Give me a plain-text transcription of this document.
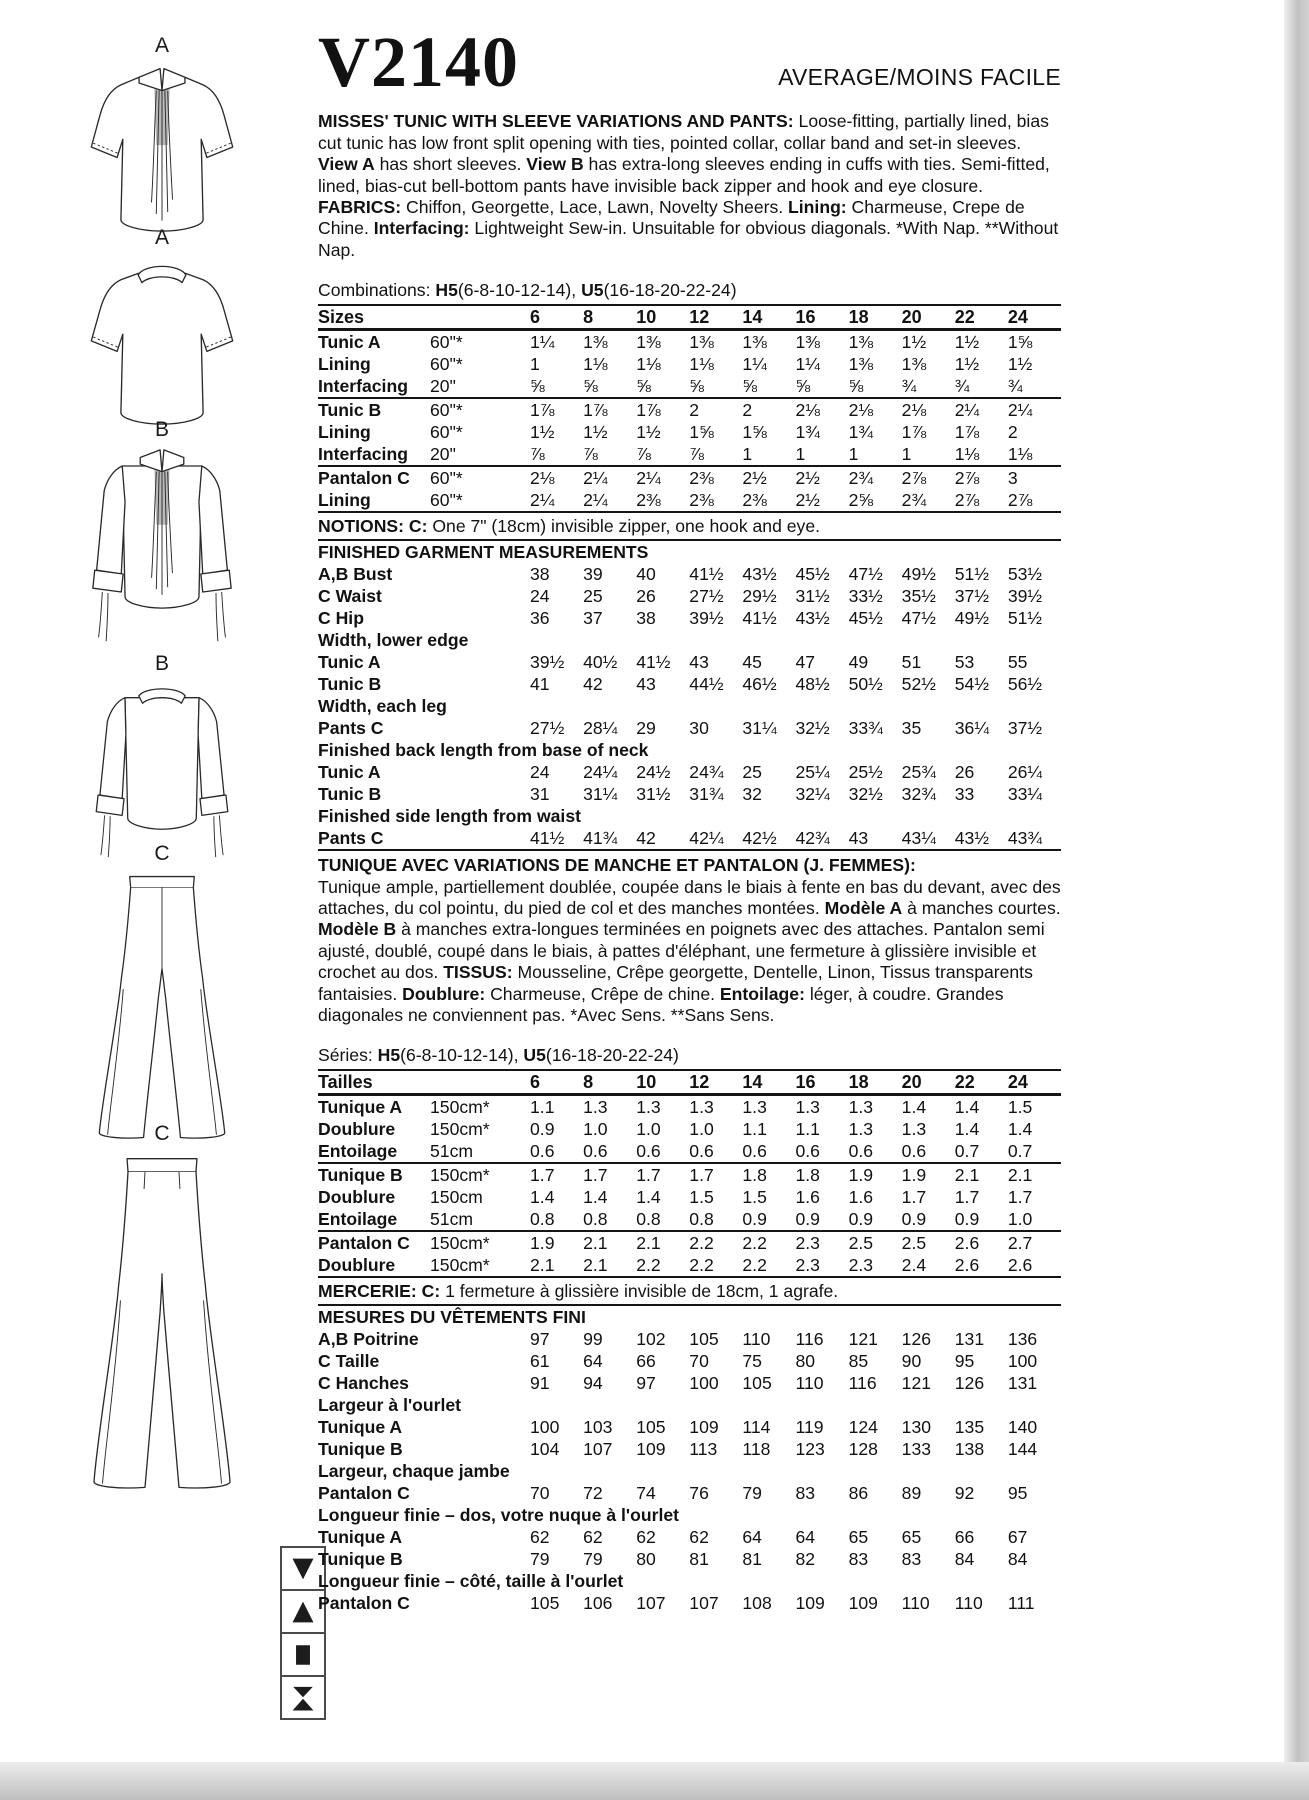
A
A
B
B
C
C
V2140	AVERAGE/MOINS FACILE

MISSES' TUNIC WITH SLEEVE VARIATIONS AND PANTS: Loose-fitting, partially lined, bias cut tunic has low front split opening with ties, pointed collar, collar band and set-in sleeves. View A has short sleeves. View B has extra-long sleeves ending in cuffs with ties. Semi-fitted, lined, bias-cut bell-bottom pants have invisible back zipper and hook and eye closure. FABRICS: Chiffon, Georgette, Lace, Lawn, Novelty Sheers. Lining: Charmeuse, Crepe de Chine. Interfacing: Lightweight Sew-in. Unsuitable for obvious diagonals. *With Nap. **Without Nap.

Combinations: H5(6-8-10-12-14), U5(16-18-20-22-24)
Sizes		6	8	10	12	14	16	18	20	22	24
Tunic A	60"*	1¼	1⅜	1⅜	1⅜	1⅜	1⅜	1⅜	1½	1½	1⅝
Lining	60"*	1	1⅛	1⅛	1⅛	1¼	1¼	1⅜	1⅜	1½	1½
Interfacing	20"	⅝	⅝	⅝	⅝	⅝	⅝	⅝	¾	¾	¾
Tunic B	60"*	1⅞	1⅞	1⅞	2	2	2⅛	2⅛	2⅛	2¼	2¼
Lining	60"*	1½	1½	1½	1⅝	1⅝	1¾	1¾	1⅞	1⅞	2
Interfacing	20"	⅞	⅞	⅞	⅞	1	1	1	1	1⅛	1⅛
Pantalon C	60"*	2⅛	2¼	2¼	2⅜	2½	2½	2¾	2⅞	2⅞	3
Lining	60"*	2¼	2¼	2⅜	2⅜	2⅜	2½	2⅝	2¾	2⅞	2⅞
NOTIONS: C: One 7" (18cm) invisible zipper, one hook and eye.
FINISHED GARMENT MEASUREMENTS										
A,B Bust	38	39	40	41½	43½	45½	47½	49½	51½	53½
C Waist	24	25	26	27½	29½	31½	33½	35½	37½	39½
C Hip	36	37	38	39½	41½	43½	45½	47½	49½	51½
Width, lower edge										
Tunic A	39½	40½	41½	43	45	47	49	51	53	55
Tunic B	41	42	43	44½	46½	48½	50½	52½	54½	56½
Width, each leg										
Pants C	27½	28¼	29	30	31¼	32½	33¾	35	36¼	37½
Finished back length from base of neck										
Tunic A	24	24¼	24½	24¾	25	25¼	25½	25¾	26	26¼
Tunic B	31	31¼	31½	31¾	32	32¼	32½	32¾	33	33¼
Finished side length from waist										
Pants C	41½	41¾	42	42¼	42½	42¾	43	43¼	43½	43¾
TUNIQUE AVEC VARIATIONS DE MANCHE ET PANTALON (J. FEMMES):

Tunique ample, partiellement doublée, coupée dans le biais à fente en bas du devant, avec des attaches, du col pointu, du pied de col et des manches montées. Modèle A à manches courtes. Modèle B à manches extra-longues terminées en poignets avec des attaches. Pantalon semi ajusté, doublé, coupé dans le biais, à pattes d'éléphant, une fermeture à glissière invisible et crochet au dos. TISSUS: Mousseline, Crêpe georgette, Dentelle, Linon, Tissus transparents fantaisies. Doublure: Charmeuse, Crêpe de chine. Entoilage: léger, à coudre. Grandes diagonales ne conviennent pas. *Avec Sens. **Sans Sens.

Séries: H5(6-8-10-12-14), U5(16-18-20-22-24)
Tailles		6	8	10	12	14	16	18	20	22	24
Tunique A	150cm*	1.1	1.3	1.3	1.3	1.3	1.3	1.3	1.4	1.4	1.5
Doublure	150cm*	0.9	1.0	1.0	1.0	1.1	1.1	1.3	1.3	1.4	1.4
Entoilage	51cm	0.6	0.6	0.6	0.6	0.6	0.6	0.6	0.6	0.7	0.7
Tunique B	150cm*	1.7	1.7	1.7	1.7	1.8	1.8	1.9	1.9	2.1	2.1
Doublure	150cm	1.4	1.4	1.4	1.5	1.5	1.6	1.6	1.7	1.7	1.7
Entoilage	51cm	0.8	0.8	0.8	0.8	0.9	0.9	0.9	0.9	0.9	1.0
Pantalon C	150cm*	1.9	2.1	2.1	2.2	2.2	2.3	2.5	2.5	2.6	2.7
Doublure	150cm*	2.1	2.1	2.2	2.2	2.2	2.3	2.3	2.4	2.6	2.6
MERCERIE: C: 1 fermeture à glissière invisible de 18cm, 1 agrafe.
MESURES DU VÊTEMENTS FINI										
A,B Poitrine	97	99	102	105	110	116	121	126	131	136
C Taille	61	64	66	70	75	80	85	90	95	100
C Hanches	91	94	97	100	105	110	116	121	126	131
Largeur à l'ourlet										
Tunique A	100	103	105	109	114	119	124	130	135	140
Tunique B	104	107	109	113	118	123	128	133	138	144
Largeur, chaque jambe										
Pantalon C	70	72	74	76	79	83	86	89	92	95
Longueur finie – dos, votre nuque à l'ourlet										
Tunique A	62	62	62	62	64	64	65	65	66	67
Tunique B	79	79	80	81	81	82	83	83	84	84
Longueur finie – côté, taille à l'ourlet										
Pantalon C	105	106	107	107	108	109	109	110	110	111
